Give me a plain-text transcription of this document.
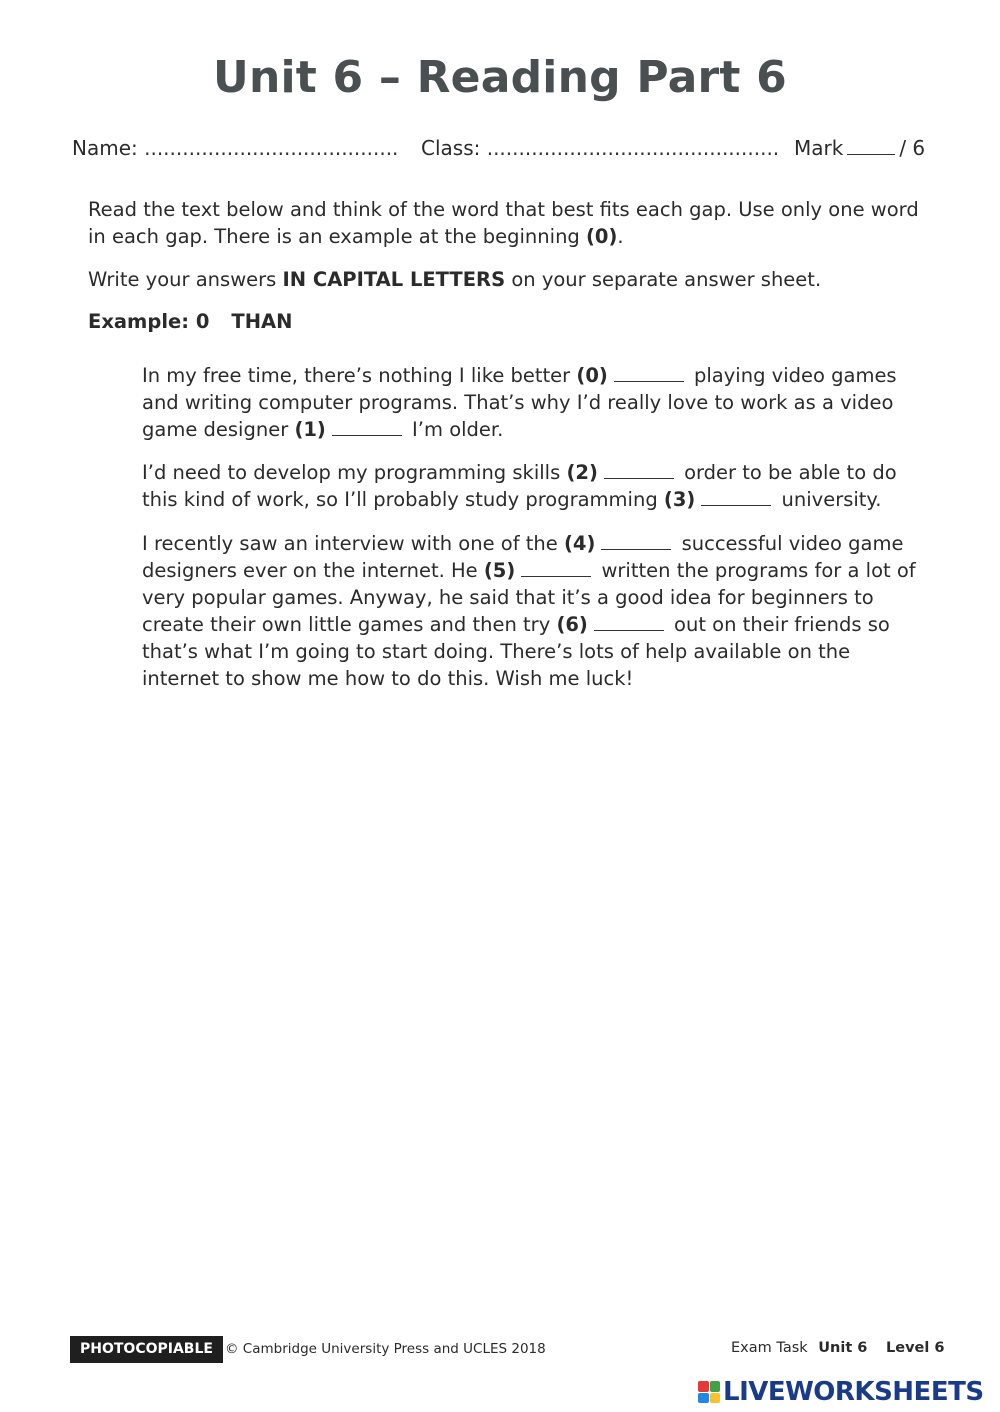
Unit 6 – Reading Part 6
Name: ........................................ Class: .............................................. Mark	/ 6
Read the text below and think of the word that best fits each gap. Use only one word in each gap. There is an example at the beginning (0).
Write your answers IN CAPITAL LETTERS on your separate answer sheet.
Example: 0 THAN
In my free time, there’s nothing I like better (0)	playing video games and writing computer programs. That’s why I’d really love to work as a video game designer (1)	I’m older.
I’d need to develop my programming skills (2)	order to be able to do this kind of work, so I’ll probably study programming (3)	university.
I recently saw an interview with one of the (4)	successful video game designers ever on the internet. He (5)	written the programs for a lot of very popular games. Anyway, he said that it’s a good idea for beginners to create their own little games and then try (6)	out on their friends so that’s what I’m going to start doing. There’s lots of help available on the internet to show me how to do this. Wish me luck!
PHOTOCOPIABLE © Cambridge University Press and UCLES 2018	Exam Task Unit 6 Level 6
LIVEWORKSHEETS
